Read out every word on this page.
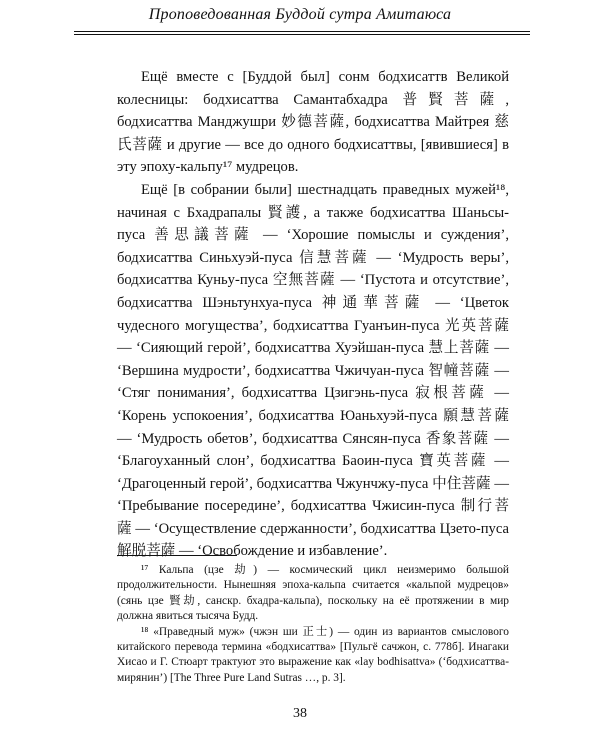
Проповедованная Буддой сутра Амитаюса

Ещё вместе с [Буддой был] сонм бодхисаттв Великой колесницы: бодхисаттва Самантабхадра 普賢菩薩, бодхисаттва Манджушри 妙德菩薩, бодхисаттва Майтрея 慈氏菩薩 и другие — все до одного бодхисаттвы, [явившиеся] в эту эпоху-кальпу¹⁷ мудрецов.

Ещё [в собрании были] шестнадцать праведных мужей¹⁸, начиная с Бхадрапалы 賢護, а также бодхисаттва Шаньсы-пуса 善思議菩薩 — ‘Хорошие помыслы и суждения’, бодхисаттва Синьхуэй-пуса 信慧菩薩 — ‘Мудрость веры’, бодхисаттва Куньу-пуса 空無菩薩 — ‘Пустота и отсутствие’, бодхисаттва Шэньтунхуа-пуса 神通華菩薩 — ‘Цветок чудесного могущества’, бодхисаттва Гуанъин-пуса 光英菩薩 — ‘Сияющий герой’, бодхисаттва Хуэйшан-пуса 慧上菩薩 — ‘Вершина мудрости’, бодхисаттва Чжичуан-пуса 智幢菩薩 — ‘Стяг понимания’, бодхисаттва Цзигэнь-пуса 寂根菩薩 — ‘Корень успокоения’, бодхисаттва Юаньхуэй-пуса 願慧菩薩 — ‘Мудрость обетов’, бодхисаттва Сянсян-пуса 香象菩薩 — ‘Благоуханный слон’, бодхисаттва Баоин-пуса 寶英菩薩 — ‘Драгоценный герой’, бодхисаттва Чжунчжу-пуса 中住菩薩 — ‘Пребывание посередине’, бодхисаттва Чжисин-пуса 制行菩薩 — ‘Осуществление сдержанности’, бодхисаттва Цзето-пуса 解脱菩薩 — ‘Освобождение и избавление’.

¹⁷ Кальпа (цзе 劫) — космический цикл неизмеримо большой продолжительности. Нынешняя эпоха-кальпа считается «кальпой мудрецов» (сянь цзе 賢劫, санскр. бхадра-кальпа), поскольку на её протяжении в мир должна явиться тысяча Будд.

¹⁸ «Праведный муж» (чжэн ши 正士) — один из вариантов смыслового китайского перевода термина «бодхисаттва» [Пульгё сачжон, с. 778б]. Инагаки Хисао и Г. Стюарт трактуют это выражение как «lay bodhisattva» (‘бодхисаттва-мирянин’) [The Three Pure Land Sutras …, p. 3].

38
